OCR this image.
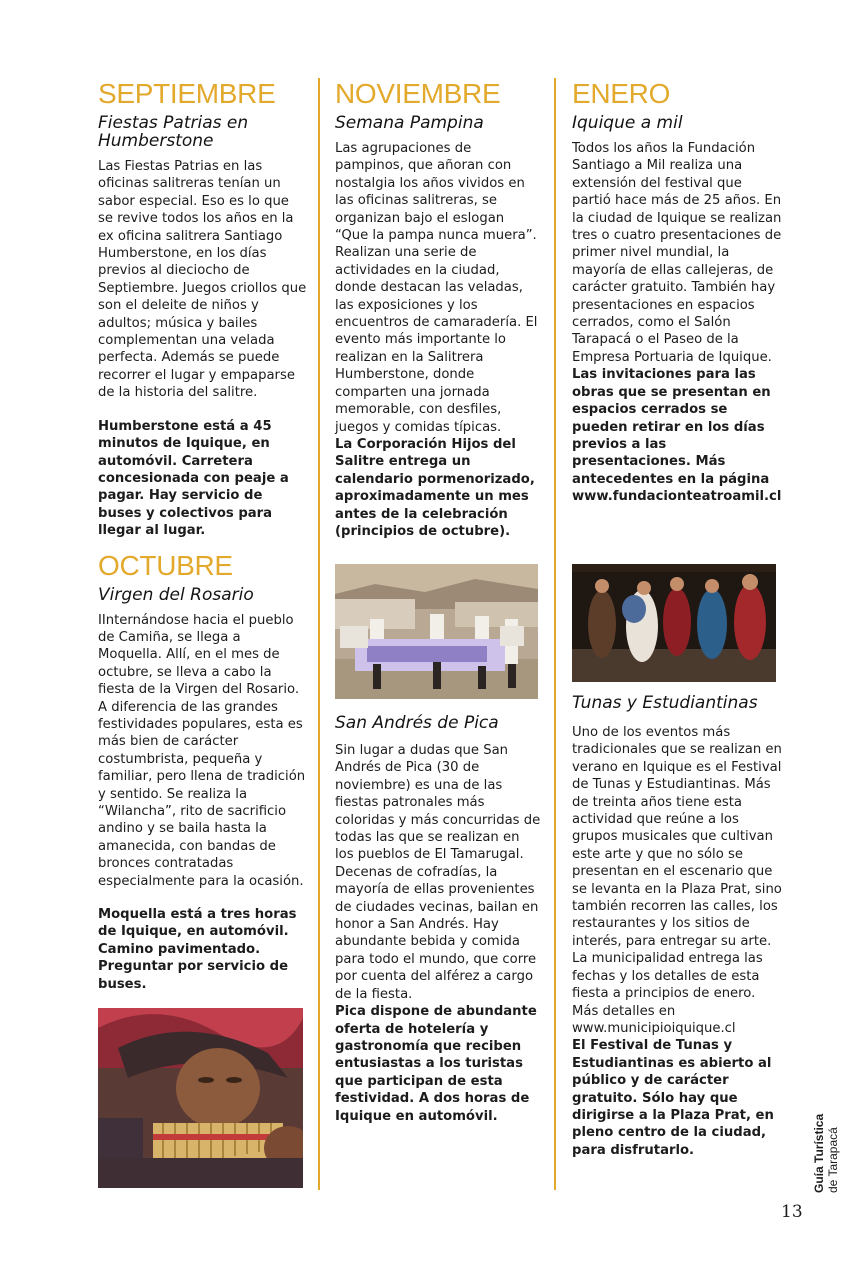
SEPTIEMBRE
Fiestas Patrias en Humberstone

Las Fiestas Patrias en las oficinas salitreras tenían un sabor especial. Eso es lo que se revive todos los años en la ex oficina salitrera Santiago Humberstone, en los días previos al dieciocho de Septiembre. Juegos criollos que son el deleite de niños y adultos; música y bailes complementan una velada perfecta. Además se puede recorrer el lugar y empaparse de la historia del salitre.

Humberstone está a 45 minutos de Iquique, en automóvil. Carretera concesionada con peaje a pagar. Hay servicio de buses y colectivos para llegar al lugar.

OCTUBRE
Virgen del Rosario

IInternándose hacia el pueblo de Camiña, se llega a Moquella. Allí, en el mes de octubre, se lleva a cabo la fiesta de la Virgen del Rosario. A diferencia de las grandes festividades populares, esta es más bien de carácter costumbrista, pequeña y familiar, pero llena de tradición y sentido. Se realiza la “Wilancha”, rito de sacrificio andino y se baila hasta la amanecida, con bandas de bronces contratadas especialmente para la ocasión.

Moquella está a tres horas de Iquique, en automóvil. Camino pavimentado. Preguntar por servicio de buses.

NOVIEMBRE
Semana Pampina

Las agrupaciones de pampinos, que añoran con nostalgia los años vividos en las oficinas salitreras, se organizan bajo el eslogan “Que la pampa nunca muera”. Realizan una serie de actividades en la ciudad, donde destacan las veladas, las exposiciones y los encuentros de camaradería. El evento más importante lo realizan en la Salitrera Humberstone, donde comparten una jornada memorable, con desfiles, juegos y comidas típicas.

La Corporación Hijos del Salitre entrega un calendario pormenorizado, aproximadamente un mes antes de la celebración (principios de octubre).

San Andrés de Pica

Sin lugar a dudas que San Andrés de Pica (30 de noviembre) es una de las fiestas patronales más coloridas y más concurridas de todas las que se realizan en los pueblos de El Tamarugal. Decenas de cofradías, la mayoría de ellas provenientes de ciudades vecinas, bailan en honor a San Andrés. Hay abundante bebida y comida para todo el mundo, que corre por cuenta del alférez a cargo de la fiesta.

Pica dispone de abundante oferta de hotelería y gastronomía que reciben entusiastas a los turistas que participan de esta festividad. A dos horas de Iquique en automóvil.

ENERO
Iquique a mil

Todos los años la Fundación Santiago a Mil realiza una extensión del festival que partió hace más de 25 años. En la ciudad de Iquique se realizan tres o cuatro presentaciones de primer nivel mundial, la mayoría de ellas callejeras, de carácter gratuito. También hay presentaciones en espacios cerrados, como el Salón Tarapacá o el Paseo de la Empresa Portuaria de Iquique.

Las invitaciones para las obras que se presentan en espacios cerrados se pueden retirar en los días previos a las presentaciones. Más antecedentes en la página www.fundacionteatroamil.cl

Tunas y Estudiantinas

Uno de los eventos más tradicionales que se realizan en verano en Iquique es el Festival de Tunas y Estudiantinas. Más de treinta años tiene esta actividad que reúne a los grupos musicales que cultivan este arte y que no sólo se presentan en el escenario que se levanta en la Plaza Prat, sino también recorren las calles, los restaurantes y los sitios de interés, para entregar su arte. La municipalidad entrega las fechas y los detalles de esta fiesta a principios de enero. Más detalles en www.municipioiquique.cl

El Festival de Tunas y Estudiantinas es abierto al público y de carácter gratuito. Sólo hay que dirigirse a la Plaza Prat, en pleno centro de la ciudad, para disfrutarlo.	Guía Turística
de Tarapacá
13
